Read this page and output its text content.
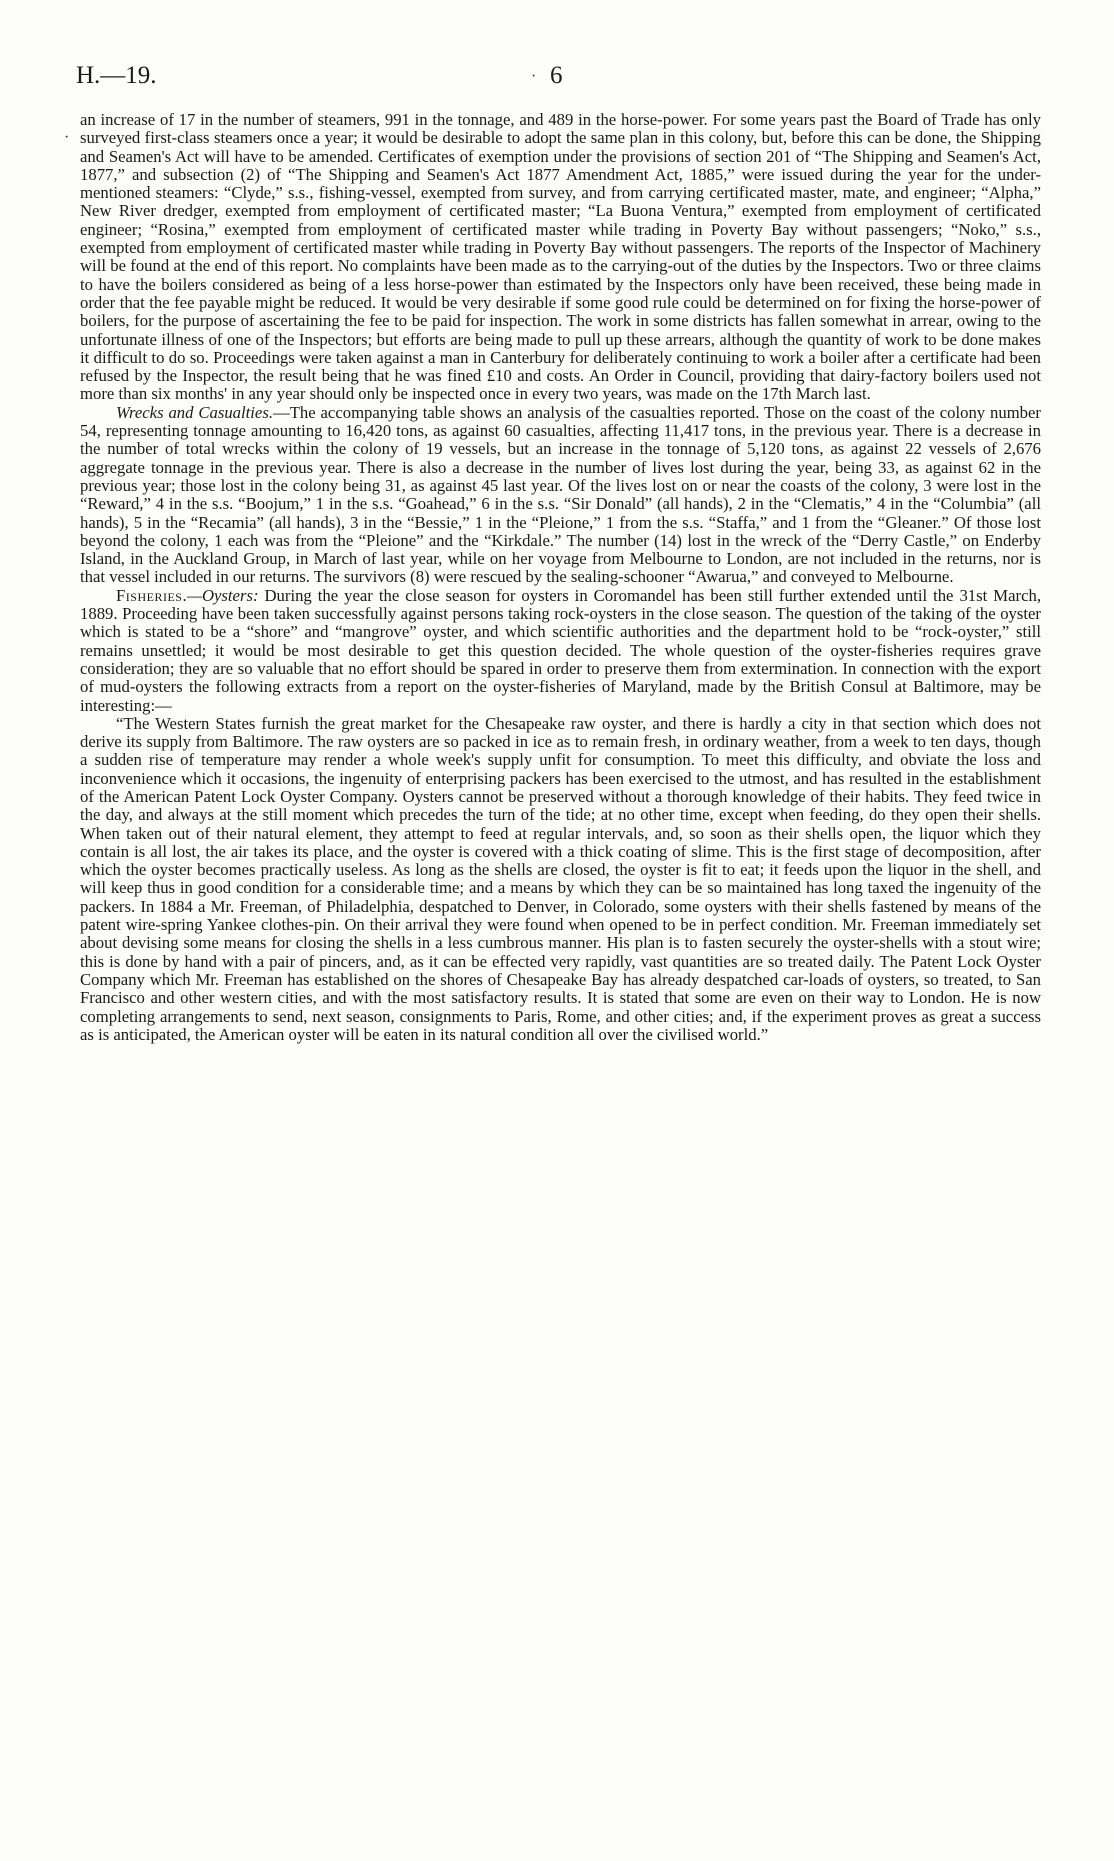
H.—19.	6
·
·

an increase of 17 in the number of steamers, 991 in the tonnage, and 489 in the horse-power. For some years past the Board of Trade has only surveyed first-class steamers once a year; it would be desirable to adopt the same plan in this colony, but, before this can be done, the Shipping and Seamen's Act will have to be amended. Certificates of exemption under the provisions of section 201 of “The Shipping and Seamen's Act, 1877,” and subsection (2) of “The Shipping and Seamen's Act 1877 Amendment Act, 1885,” were issued during the year for the under-mentioned steamers: “Clyde,” s.s., fishing-vessel, exempted from survey, and from carrying certificated master, mate, and engineer; “Alpha,” New River dredger, exempted from employment of certificated master; “La Buona Ventura,” exempted from employment of certificated engineer; “Rosina,” exempted from employment of certificated master while trading in Poverty Bay without passengers; “Noko,” s.s., exempted from employment of certificated master while trading in Poverty Bay without passengers. The reports of the Inspector of Machinery will be found at the end of this report. No complaints have been made as to the carrying-out of the duties by the Inspectors. Two or three claims to have the boilers considered as being of a less horse-power than estimated by the Inspectors only have been received, these being made in order that the fee payable might be reduced. It would be very desirable if some good rule could be determined on for fixing the horse-power of boilers, for the purpose of ascertaining the fee to be paid for inspection. The work in some districts has fallen somewhat in arrear, owing to the unfortunate illness of one of the Inspectors; but efforts are being made to pull up these arrears, although the quantity of work to be done makes it difficult to do so. Proceedings were taken against a man in Canterbury for deliberately continuing to work a boiler after a certificate had been refused by the Inspector, the result being that he was fined £10 and costs. An Order in Council, providing that dairy-factory boilers used not more than six months' in any year should only be inspected once in every two years, was made on the 17th March last.

Wrecks and Casualties.—The accompanying table shows an analysis of the casualties reported. Those on the coast of the colony number 54, representing tonnage amounting to 16,420 tons, as against 60 casualties, affecting 11,417 tons, in the previous year. There is a decrease in the number of total wrecks within the colony of 19 vessels, but an increase in the tonnage of 5,120 tons, as against 22 vessels of 2,676 aggregate tonnage in the previous year. There is also a decrease in the number of lives lost during the year, being 33, as against 62 in the previous year; those lost in the colony being 31, as against 45 last year. Of the lives lost on or near the coasts of the colony, 3 were lost in the “Reward,” 4 in the s.s. “Boojum,” 1 in the s.s. “Goahead,” 6 in the s.s. “Sir Donald” (all hands), 2 in the “Clematis,” 4 in the “Columbia” (all hands), 5 in the “Recamia” (all hands), 3 in the “Bessie,” 1 in the “Pleione,” 1 from the s.s. “Staffa,” and 1 from the “Gleaner.” Of those lost beyond the colony, 1 each was from the “Pleione” and the “Kirkdale.” The number (14) lost in the wreck of the “Derry Castle,” on Enderby Island, in the Auckland Group, in March of last year, while on her voyage from Melbourne to London, are not included in the returns, nor is that vessel included in our returns. The survivors (8) were rescued by the sealing-schooner “Awarua,” and conveyed to Melbourne.

Fisheries.—Oysters: During the year the close season for oysters in Coromandel has been still further extended until the 31st March, 1889. Proceeding have been taken successfully against persons taking rock-oysters in the close season. The question of the taking of the oyster which is stated to be a “shore” and “mangrove” oyster, and which scientific authorities and the department hold to be “rock-oyster,” still remains unsettled; it would be most desirable to get this question decided. The whole question of the oyster-fisheries requires grave consideration; they are so valuable that no effort should be spared in order to preserve them from extermination. In connection with the export of mud-oysters the following extracts from a report on the oyster-fisheries of Maryland, made by the British Consul at Baltimore, may be interesting:—

“The Western States furnish the great market for the Chesapeake raw oyster, and there is hardly a city in that section which does not derive its supply from Baltimore. The raw oysters are so packed in ice as to remain fresh, in ordinary weather, from a week to ten days, though a sudden rise of temperature may render a whole week's supply unfit for consumption. To meet this difficulty, and obviate the loss and inconvenience which it occasions, the ingenuity of enterprising packers has been exercised to the utmost, and has resulted in the establishment of the American Patent Lock Oyster Company. Oysters cannot be preserved without a thorough knowledge of their habits. They feed twice in the day, and always at the still moment which precedes the turn of the tide; at no other time, except when feeding, do they open their shells. When taken out of their natural element, they attempt to feed at regular intervals, and, so soon as their shells open, the liquor which they contain is all lost, the air takes its place, and the oyster is covered with a thick coating of slime. This is the first stage of decomposition, after which the oyster becomes practically useless. As long as the shells are closed, the oyster is fit to eat; it feeds upon the liquor in the shell, and will keep thus in good condition for a considerable time; and a means by which they can be so maintained has long taxed the ingenuity of the packers. In 1884 a Mr. Freeman, of Philadelphia, despatched to Denver, in Colorado, some oysters with their shells fastened by means of the patent wire-spring Yankee clothes-pin. On their arrival they were found when opened to be in perfect condition. Mr. Freeman immediately set about devising some means for closing the shells in a less cumbrous manner. His plan is to fasten securely the oyster-shells with a stout wire; this is done by hand with a pair of pincers, and, as it can be effected very rapidly, vast quantities are so treated daily. The Patent Lock Oyster Company which Mr. Freeman has established on the shores of Chesapeake Bay has already despatched car-loads of oysters, so treated, to San Francisco and other western cities, and with the most satisfactory results. It is stated that some are even on their way to London. He is now completing arrangements to send, next season, consignments to Paris, Rome, and other cities; and, if the experiment proves as great a success as is anticipated, the American oyster will be eaten in its natural condition all over the civilised world.”
